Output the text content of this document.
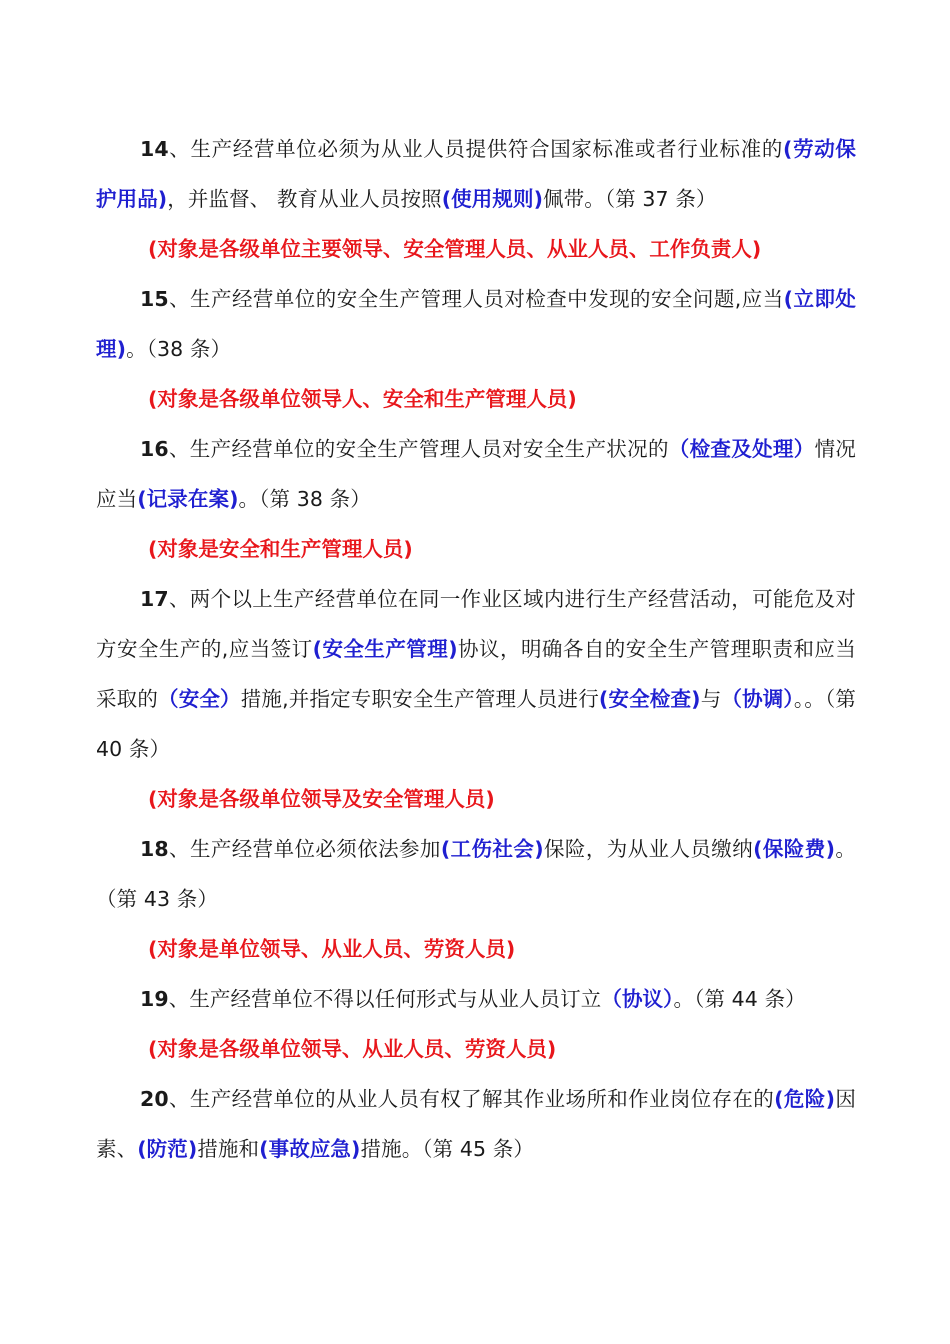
14、生产经营单位必须为从业人员提供符合国家标准或者行业标准的(劳动保护用品)，并监督、 教育从业人员按照(使用规则)佩带。（第 37 条）

(对象是各级单位主要领导、安全管理人员、从业人员、工作负责人)

15、生产经营单位的安全生产管理人员对检查中发现的安全问题,应当(立即处理)。（38 条）

(对象是各级单位领导人、安全和生产管理人员)

16、生产经营单位的安全生产管理人员对安全生产状况的（检查及处理）情况应当(记录在案)。（第 38 条）

(对象是安全和生产管理人员)

17、两个以上生产经营单位在同一作业区域内进行生产经营活动，可能危及对方安全生产的,应当签订(安全生产管理)协议，明确各自的安全生产管理职责和应当采取的（安全）措施,并指定专职安全生产管理人员进行(安全检查)与（协调）。。（第 40 条）

(对象是各级单位领导及安全管理人员)

18、生产经营单位必须依法参加(工伤社会)保险，为从业人员缴纳(保险费)。（第 43 条）

(对象是单位领导、从业人员、劳资人员)

19、生产经营单位不得以任何形式与从业人员订立（协议）。（第 44 条）

(对象是各级单位领导、从业人员、劳资人员)

20、生产经营单位的从业人员有权了解其作业场所和作业岗位存在的(危险)因素、(防范)措施和(事故应急)措施。（第 45 条）
